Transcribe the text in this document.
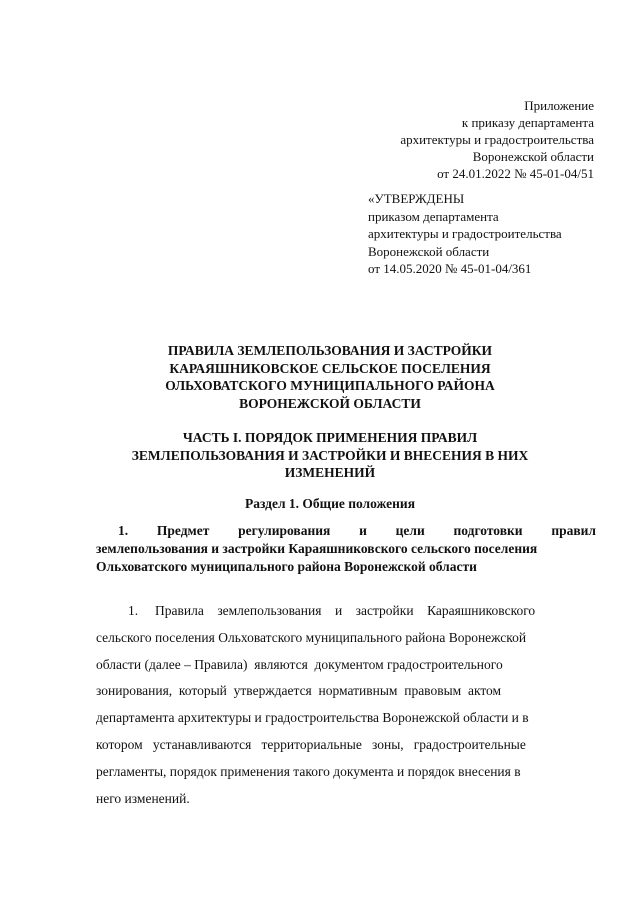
Приложение
к приказу департамента
архитектуры и градостроительства
Воронежской области
от 24.01.2022 № 45-01-04/51
«УТВЕРЖДЕНЫ
приказом департамента
архитектуры и градостроительства
Воронежской области
от 14.05.2020 № 45-01-04/361
ПРАВИЛА ЗЕМЛЕПОЛЬЗОВАНИЯ И ЗАСТРОЙКИ
КАРАЯШНИКОВСКОЕ СЕЛЬСКОЕ ПОСЕЛЕНИЯ
ОЛЬХОВАТСКОГО МУНИЦИПАЛЬНОГО РАЙОНА
ВОРОНЕЖСКОЙ ОБЛАСТИ
ЧАСТЬ I. ПОРЯДОК ПРИМЕНЕНИЯ ПРАВИЛ
ЗЕМЛЕПОЛЬЗОВАНИЯ И ЗАСТРОЙКИ И ВНЕСЕНИЯ В НИХ
ИЗМЕНЕНИЙ
Раздел 1. Общие положения
1. Предмет регулирования и цели подготовки правил
землепользования и застройки Караяшниковского сельского поселения
Ольховатского муниципального района Воронежской области
1.     Правила    землепользования    и    застройки    Караяшниковского
сельского поселения Ольховатского муниципального района Воронежской
области (далее – Правила)  являются  документом градостроительного
зонирования,  который  утверждается  нормативным  правовым  актом
департамента архитектуры и градостроительства Воронежской области и в
котором   устанавливаются   территориальные   зоны,   градостроительные
регламенты, порядок применения такого документа и порядок внесения в
него изменений.
